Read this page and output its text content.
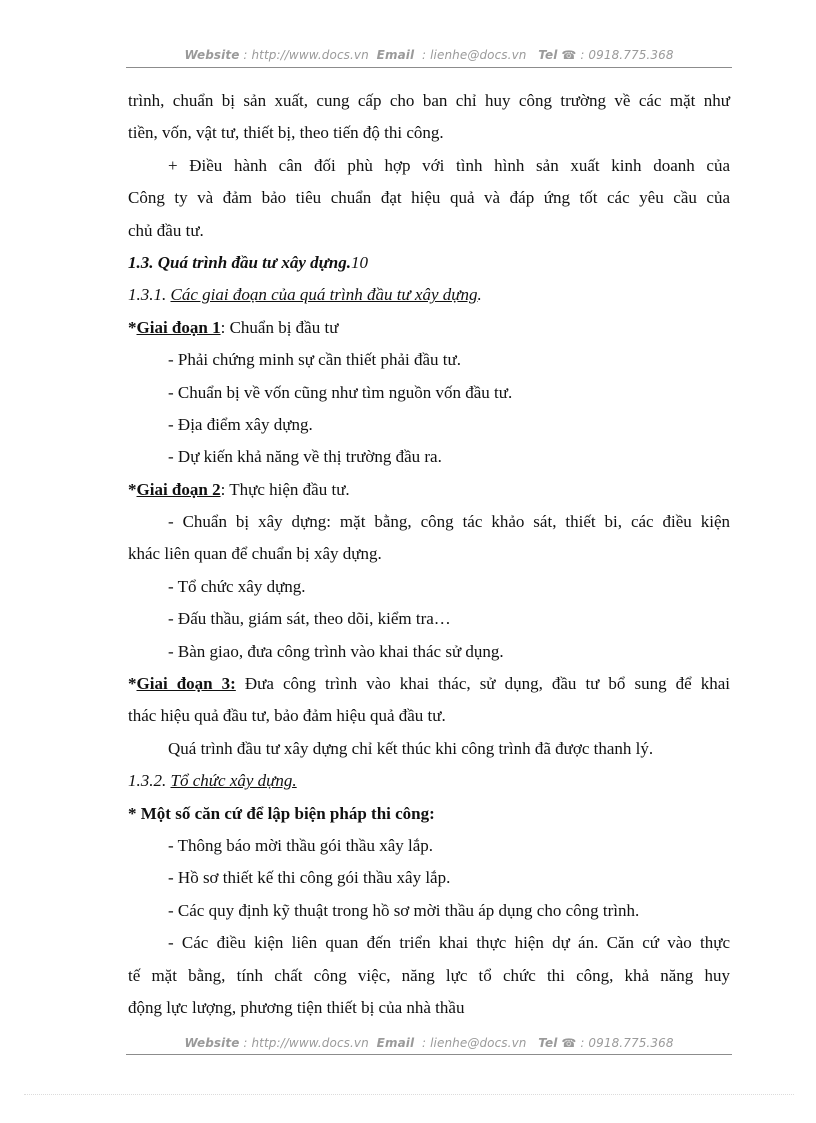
Website : http://www.docs.vn Email  : lienhe@docs.vn Tel ☎ : 0918.775.368
trình, chuẩn bị sản xuất, cung cấp cho ban chỉ huy công trường về các mặt như
tiền, vốn, vật tư, thiết bị, theo tiến độ thi công.
+ Điều hành cân đối phù hợp với tình hình sản xuất kinh doanh của
Công ty và đảm bảo tiêu chuẩn đạt hiệu quả và đáp ứng tốt các yêu cầu của
chủ đầu tư.
1.3. Quá trình đầu tư xây dựng.10
1.3.1. Các giai đoạn của quá trình đầu tư xây dựng.
*Giai đoạn 1: Chuẩn bị đầu tư
- Phải chứng minh sự cần thiết phải đầu tư.
- Chuẩn bị về vốn cũng như tìm nguồn vốn đầu tư.
- Địa điểm xây dựng.
- Dự kiến khả năng về thị trường đầu ra.
*Giai đoạn 2: Thực hiện đầu tư.
- Chuẩn bị xây dựng: mặt bằng, công tác khảo sát, thiết bi, các điều kiện
khác liên quan để chuẩn bị xây dựng.
- Tổ chức xây dựng.
- Đấu thầu, giám sát, theo dõi, kiểm tra…
- Bàn giao, đưa công trình vào khai thác sử dụng.
*Giai đoạn 3: Đưa công trình vào khai thác, sử dụng, đầu tư bổ sung để khai
thác hiệu quả đầu tư, bảo đảm hiệu quả đầu tư.
Quá trình đầu tư xây dựng chỉ kết thúc khi công trình đã được thanh lý.
1.3.2. Tổ chức xây dựng.
* Một số căn cứ để lập biện pháp thi công:
- Thông báo mời thầu gói thầu xây lắp.
- Hồ sơ thiết kế thi công gói thầu xây lắp.
- Các quy định kỹ thuật trong hồ sơ mời thầu áp dụng cho công trình.
- Các điều kiện liên quan đến triển khai thực hiện dự án. Căn cứ vào thực
tế mặt bằng, tính chất công việc, năng lực tổ chức thi công, khả năng huy
động lực lượng, phương tiện thiết bị của nhà thầu
Website : http://www.docs.vn Email  : lienhe@docs.vn Tel ☎ : 0918.775.368
